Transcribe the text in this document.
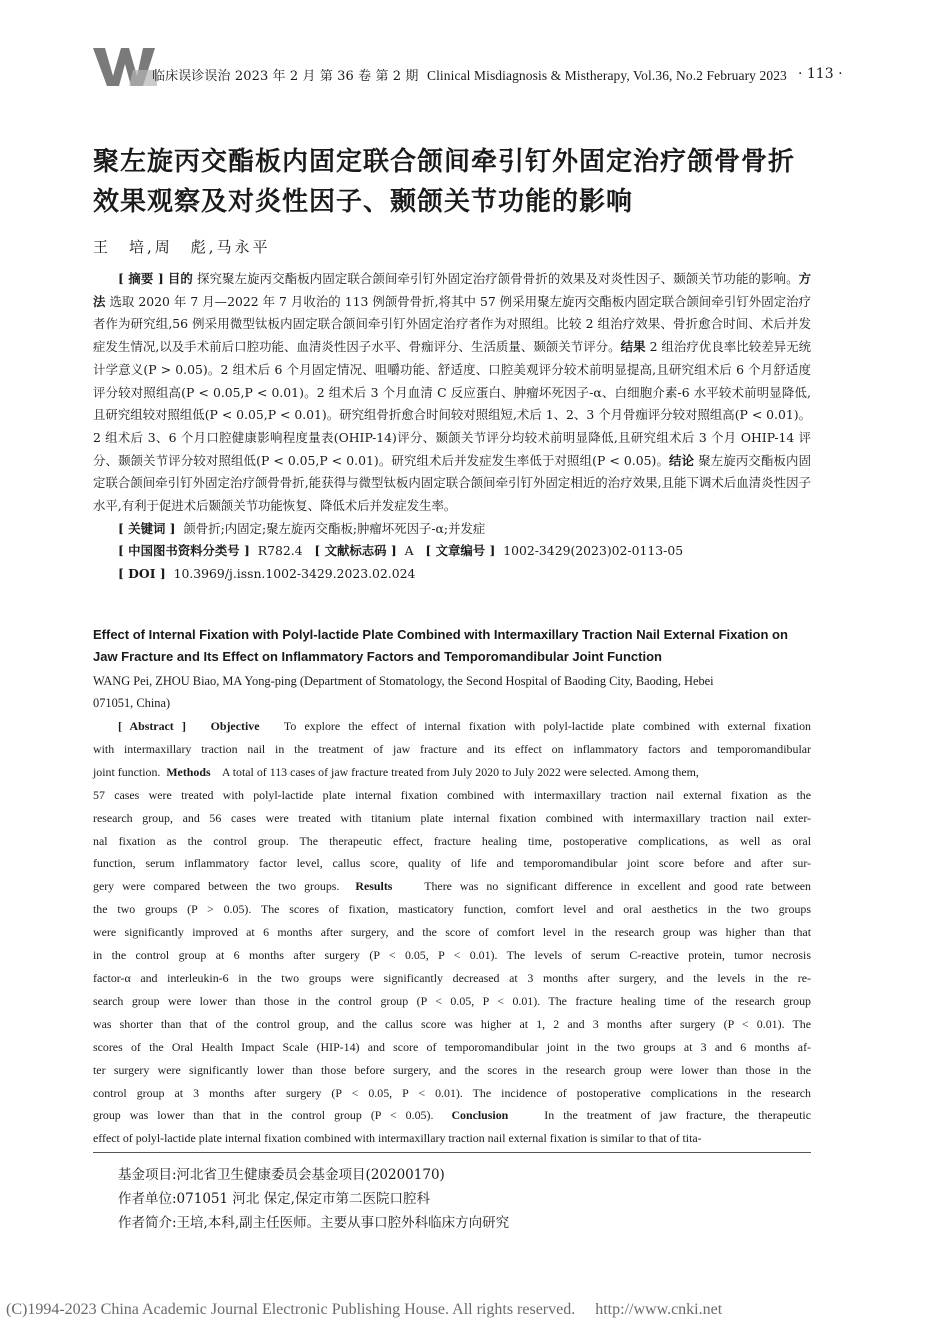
临床误诊误治 2023 年 2 月 第 36 卷 第 2 期 Clinical Misdiagnosis & Mistherapy, Vol.36, No.2 February 2023 · 113 ·
聚左旋丙交酯板内固定联合颌间牵引钉外固定治疗颌骨骨折
效果观察及对炎性因子、颞颌关节功能的影响
王　培,周　彪,马永平

[ 摘要 ] 目的 探究聚左旋丙交酯板内固定联合颌间牵引钉外固定治疗颌骨骨折的效果及对炎性因子、颞颌关节功能的影响。方法 选取 2020 年 7 月—2022 年 7 月收治的 113 例颌骨骨折,将其中 57 例采用聚左旋丙交酯板内固定联合颌间牵引钉外固定治疗者作为研究组,56 例采用微型钛板内固定联合颌间牵引钉外固定治疗者作为对照组。比较 2 组治疗效果、骨折愈合时间、术后并发症发生情况,以及手术前后口腔功能、血清炎性因子水平、骨痂评分、生活质量、颞颌关节评分。结果 2 组治疗优良率比较差异无统计学意义(P > 0.05)。2 组术后 6 个月固定情况、咀嚼功能、舒适度、口腔美观评分较术前明显提高,且研究组术后 6 个月舒适度评分较对照组高(P < 0.05,P < 0.01)。2 组术后 3 个月血清 C 反应蛋白、肿瘤坏死因子-α、白细胞介素-6 水平较术前明显降低,且研究组较对照组低(P < 0.05,P < 0.01)。研究组骨折愈合时间较对照组短,术后 1、2、3 个月骨痂评分较对照组高(P < 0.01)。2 组术后 3、6 个月口腔健康影响程度量表(OHIP-14)评分、颞颌关节评分均较术前明显降低,且研究组术后 3 个月 OHIP-14 评分、颞颌关节评分较对照组低(P < 0.05,P < 0.01)。研究组术后并发症发生率低于对照组(P < 0.05)。结论 聚左旋丙交酯板内固定联合颌间牵引钉外固定治疗颌骨骨折,能获得与微型钛板内固定联合颌间牵引钉外固定相近的治疗效果,且能下调术后血清炎性因子水平,有利于促进术后颞颌关节功能恢复、降低术后并发症发生率。

[ 关键词 ] 颌骨折;内固定;聚左旋丙交酯板;肿瘤坏死因子-α;并发症

[ 中国图书资料分类号 ] R782.4 [ 文献标志码 ] A [ 文章编号 ] 1002-3429(2023)02-0113-05

[ DOI ] 10.3969/j.issn.1002-3429.2023.02.024

Effect of Internal Fixation with Polyl-lactide Plate Combined with Intermaxillary Traction Nail External Fixation on

Jaw Fracture and Its Effect on Inflammatory Factors and Temporomandibular Joint Function

WANG Pei, ZHOU Biao, MA Yong-ping (Department of Stomatology, the Second Hospital of Baoding City, Baoding, Hebei

071051, China)

[ Abstract ] Objective To explore the effect of internal fixation with polyl-lactide plate combined with external fixation

with intermaxillary traction nail in the treatment of jaw fracture and its effect on inflammatory factors and temporomandibular

joint function. Methods A total of 113 cases of jaw fracture treated from July 2020 to July 2022 were selected. Among them,

57 cases were treated with polyl-lactide plate internal fixation combined with intermaxillary traction nail external fixation as the

research group, and 56 cases were treated with titanium plate internal fixation combined with intermaxillary traction nail exter-

nal fixation as the control group. The therapeutic effect, fracture healing time, postoperative complications, as well as oral

function, serum inflammatory factor level, callus score, quality of life and temporomandibular joint score before and after sur-

gery were compared between the two groups. Results	There was no significant difference in excellent and good rate between

the two groups (P > 0.05). The scores of fixation, masticatory function, comfort level and oral aesthetics in the two groups

were significantly improved at 6 months after surgery, and the score of comfort level in the research group was higher than that

in the control group at 6 months after surgery (P < 0.05, P < 0.01). The levels of serum C-reactive protein, tumor necrosis

factor-α and interleukin-6 in the two groups were significantly decreased at 3 months after surgery, and the levels in the re-

search group were lower than those in the control group (P < 0.05, P < 0.01). The fracture healing time of the research group

was shorter than that of the control group, and the callus score was higher at 1, 2 and 3 months after surgery (P < 0.01). The

scores of the Oral Health Impact Scale (HIP-14) and score of temporomandibular joint in the two groups at 3 and 6 months af-

ter surgery were significantly lower than those before surgery, and the scores in the research group were lower than those in the

control group at 3 months after surgery (P < 0.05, P < 0.01). The incidence of postoperative complications in the research

group was lower than that in the control group (P < 0.05). Conclusion	In the treatment of jaw fracture, the therapeutic

effect of polyl-lactide plate internal fixation combined with intermaxillary traction nail external fixation is similar to that of tita-

基金项目:河北省卫生健康委员会基金项目(20200170)
作者单位:071051 河北 保定,保定市第二医院口腔科
作者简介:王培,本科,副主任医师。主要从事口腔外科临床方向研究
(C)1994-2023 China Academic Journal Electronic Publishing House. All rights reserved.　 http://www.cnki.net
